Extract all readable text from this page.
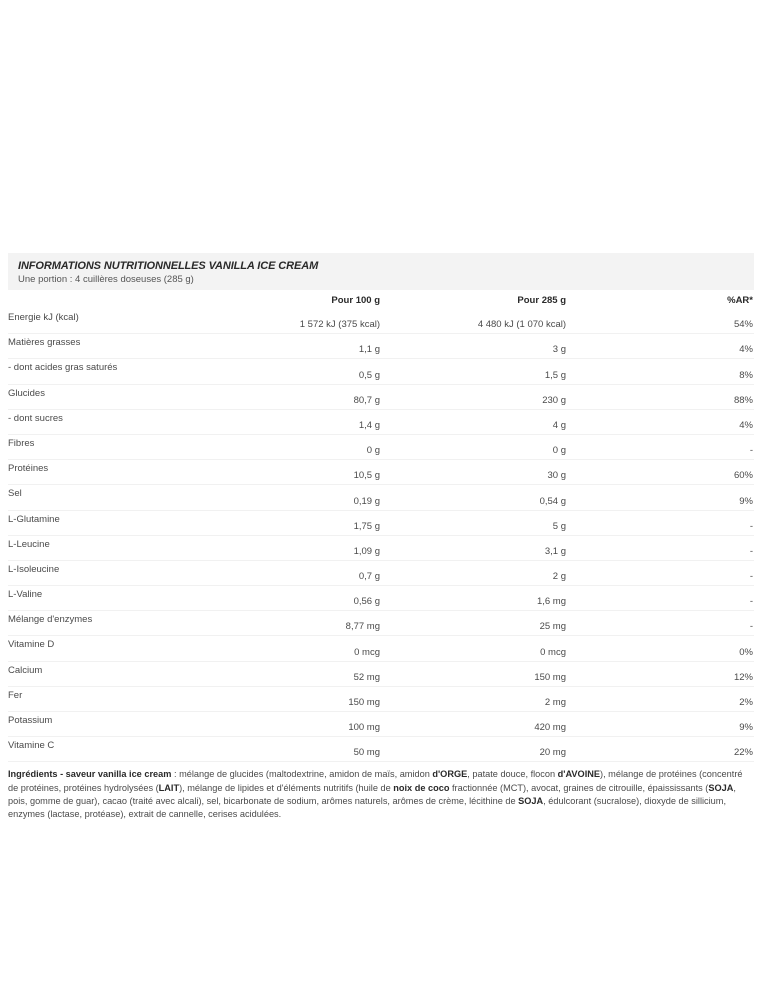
INFORMATIONS NUTRITIONNELLES VANILLA ICE CREAM
Une portion : 4 cuillères doseuses (285 g)
	Pour 100 g	Pour 285 g	%AR*
Energie kJ (kcal)	1 572 kJ (375 kcal)	4 480 kJ (1 070 kcal)	54%
Matières grasses	1,1 g	3 g	4%
- dont acides gras saturés	0,5 g	1,5 g	8%
Glucides	80,7 g	230 g	88%
- dont sucres	1,4 g	4 g	4%
Fibres	0 g	0 g	-
Protéines	10,5 g	30 g	60%
Sel	0,19 g	0,54 g	9%
L-Glutamine	1,75 g	5 g	-
L-Leucine	1,09 g	3,1 g	-
L-Isoleucine	0,7 g	2 g	-
L-Valine	0,56 g	1,6 mg	-
Mélange d'enzymes	8,77 mg	25 mg	-
Vitamine D	0 mcg	0 mcg	0%
Calcium	52 mg	150 mg	12%
Fer	150 mg	2 mg	2%
Potassium	100 mg	420 mg	9%
Vitamine C	50 mg	20 mg	22%
Ingrédients - saveur vanilla ice cream : mélange de glucides (maltodextrine, amidon de maïs, amidon d'ORGE, patate douce, flocon d'AVOINE), mélange de protéines (concentré de protéines, protéines hydrolysées (LAIT), mélange de lipides et d'éléments nutritifs (huile de noix de coco fractionnée (MCT), avocat, graines de citrouille, épaississants (SOJA, pois, gomme de guar), cacao (traité avec alcali), sel, bicarbonate de sodium, arômes naturels, arômes de crème, lécithine de SOJA, édulcorant (sucralose), dioxyde de sillicium, enzymes (lactase, protéase), extrait de cannelle, cerises acidulées.
